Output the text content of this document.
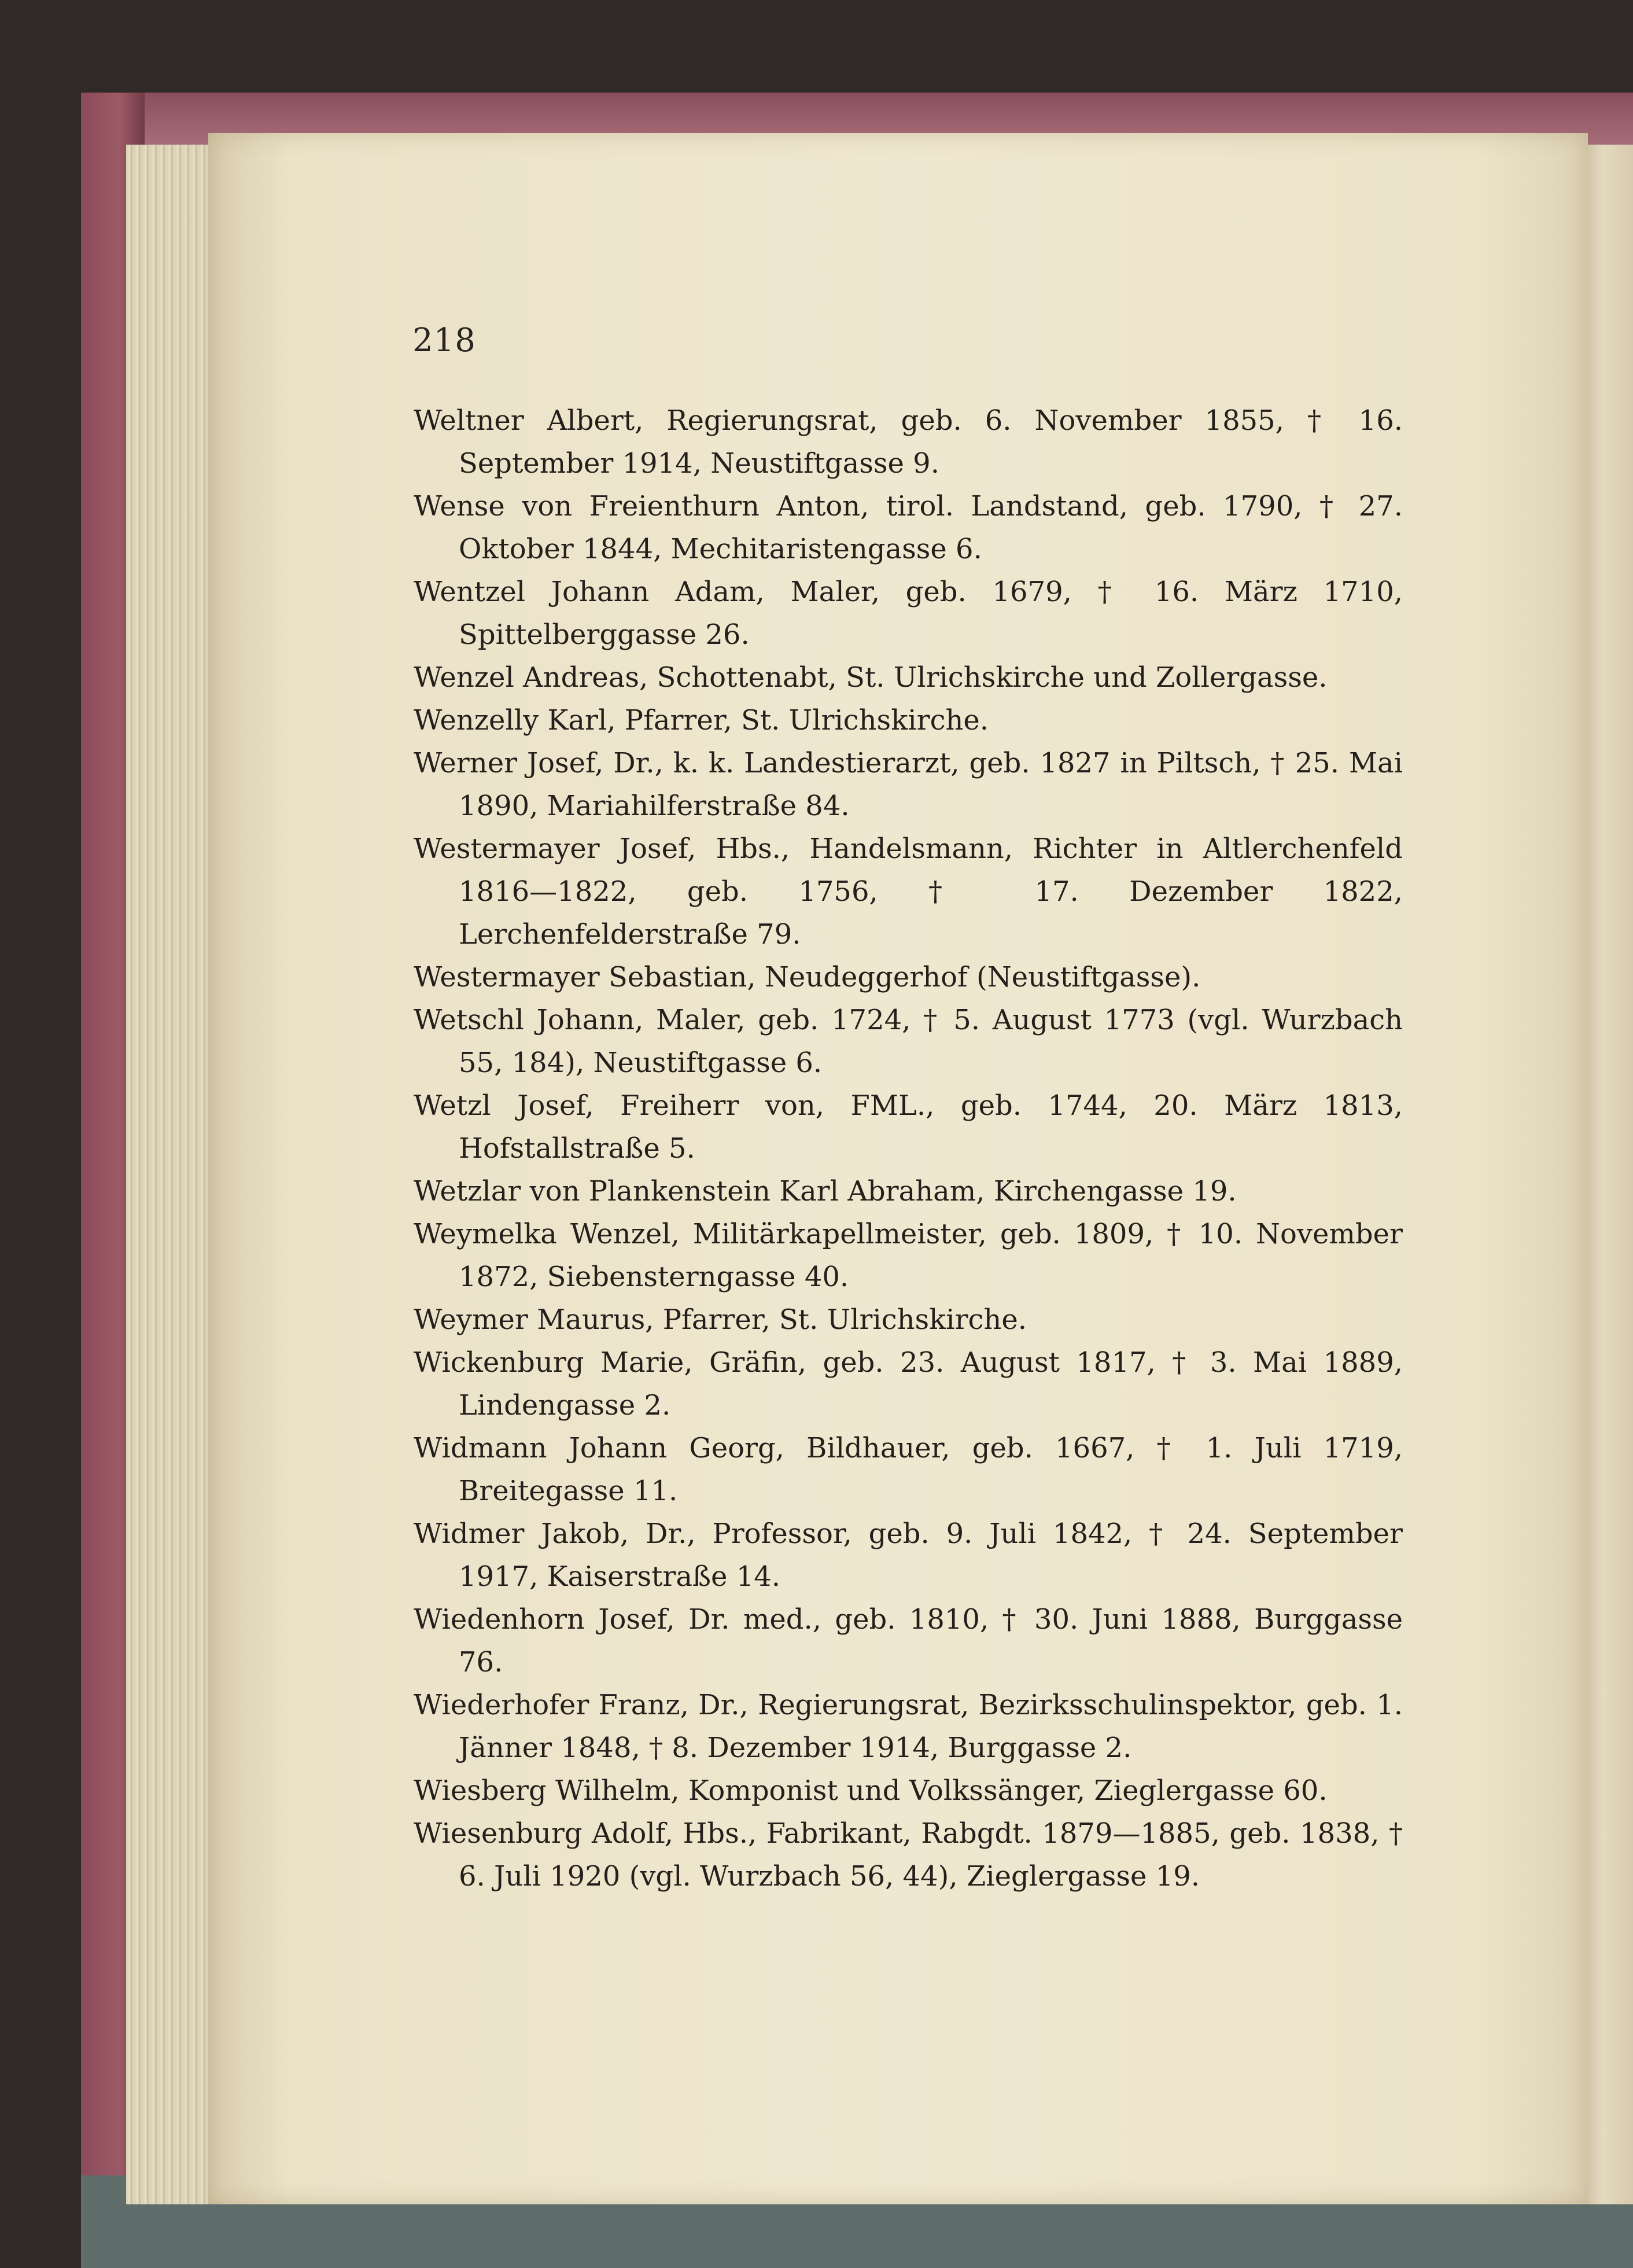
218

Weltner Albert, Regierungsrat, geb. 6. November 1855, † 16. September 1914, Neustiftgasse 9.

Wense von Freienthurn Anton, tirol. Landstand, geb. 1790, † 27. Oktober 1844, Mechitaristengasse 6.

Wentzel Johann Adam, Maler, geb. 1679, † 16. März 1710, Spittelberggasse 26.

Wenzel Andreas, Schottenabt, St. Ulrichskirche und Zollergasse.

Wenzelly Karl, Pfarrer, St. Ulrichskirche.

Werner Josef, Dr., k. k. Landestierarzt, geb. 1827 in Piltsch, † 25. Mai 1890, Mariahilferstraße 84.

Westermayer Josef, Hbs., Handelsmann, Richter in Altlerchenfeld 1816—1822, geb. 1756, † 17. Dezember 1822, Lerchenfelderstraße 79.

Westermayer Sebastian, Neudeggerhof (Neustiftgasse).

Wetschl Johann, Maler, geb. 1724, † 5. August 1773 (vgl. Wurzbach 55, 184), Neustiftgasse 6.

Wetzl Josef, Freiherr von, FML., geb. 1744, 20. März 1813, Hofstallstraße 5.

Wetzlar von Plankenstein Karl Abraham, Kirchengasse 19.

Weymelka Wenzel, Militärkapellmeister, geb. 1809, † 10. November 1872, Siebensterngasse 40.

Weymer Maurus, Pfarrer, St. Ulrichskirche.

Wickenburg Marie, Gräfin, geb. 23. August 1817, † 3. Mai 1889, Lindengasse 2.

Widmann Johann Georg, Bildhauer, geb. 1667, † 1. Juli 1719, Breitegasse 11.

Widmer Jakob, Dr., Professor, geb. 9. Juli 1842, † 24. September 1917, Kaiserstraße 14.

Wiedenhorn Josef, Dr. med., geb. 1810, † 30. Juni 1888, Burggasse 76.

Wiederhofer Franz, Dr., Regierungsrat, Bezirksschulinspektor, geb. 1. Jänner 1848, † 8. Dezember 1914, Burggasse 2.

Wiesberg Wilhelm, Komponist und Volkssänger, Zieglergasse 60.

Wiesenburg Adolf, Hbs., Fabrikant, Rabgdt. 1879—1885, geb. 1838, † 6. Juli 1920 (vgl. Wurzbach 56, 44), Zieglergasse 19.
